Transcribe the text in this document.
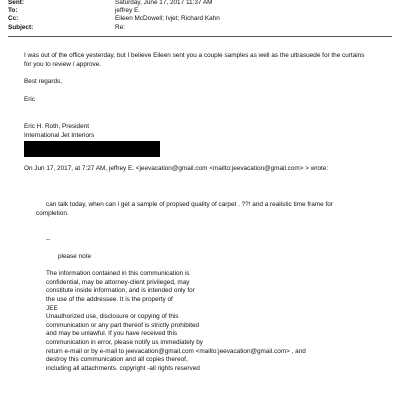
Sent:	Saturday, June 17, 2017 11:37 AM
To:	jeffrey E.
Cc:	Eileen McDowell; Ivjet; Richard Kahn
Subject:	Re:
I was out of the office yesterday, but I believe Eileen sent you a couple samples as well as the ultrasuede for the curtains
for you to review / approve.
Best regards,
Eric
Eric H. Roth, President
International Jet Interiors
On Jun 17, 2017, at 7:27 AM, jeffrey E. <jeevacation@gmail.com <mailto:jeevacation@gmail.com> > wrote:
can talk today, when can i get a sample of propsed quality of carpet . ??! and a realistic time frame for
completion.
--
please note
The information contained in this communication is
confidential, may be attorney-client privileged, may
constitute inside information, and is intended only for
the use of the addressee. It is the property of
JEE
Unauthorized use, disclosure or copying of this
communication or any part thereof is strictly prohibited
and may be unlawful. If you have received this
communication in error, please notify us immediately by
return e-mail or by e-mail to jeevacation@gmail.com <mailto:jeevacation@gmail.com> , and
destroy this communication and all copies thereof,
including all attachments. copyright -all rights reserved
